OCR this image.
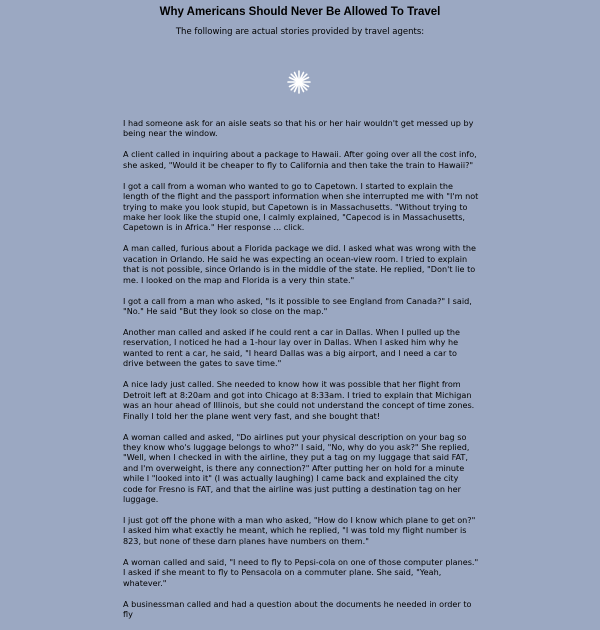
Why Americans Should Never Be Allowed To Travel

The following are actual stories provided by travel agents:

I had someone ask for an aisle seats so that his or her hair wouldn't get messed up by being near the window.

A client called in inquiring about a package to Hawaii. After going over all the cost info, she asked, "Would it be cheaper to fly to California and then take the train to Hawaii?"

I got a call from a woman who wanted to go to Capetown. I started to explain the length of the flight and the passport information when she interrupted me with "I'm not trying to make you look stupid, but Capetown is in Massachusetts. "Without trying to make her look like the stupid one, I calmly explained, "Capecod is in Massachusetts, Capetown is in Africa." Her response ... click.

A man called, furious about a Florida package we did. I asked what was wrong with the vacation in Orlando. He said he was expecting an ocean-view room. I tried to explain that is not possible, since Orlando is in the middle of the state. He replied, "Don't lie to me. I looked on the map and Florida is a very thin state."

I got a call from a man who asked, "Is it possible to see England from Canada?" I said, "No." He said "But they look so close on the map."

Another man called and asked if he could rent a car in Dallas. When I pulled up the reservation, I noticed he had a 1-hour lay over in Dallas. When I asked him why he wanted to rent a car, he said, "I heard Dallas was a big airport, and I need a car to drive between the gates to save time."

A nice lady just called. She needed to know how it was possible that her flight from Detroit left at 8:20am and got into Chicago at 8:33am. I tried to explain that Michigan was an hour ahead of Illinois, but she could not understand the concept of time zones. Finally I told her the plane went very fast, and she bought that!

A woman called and asked, "Do airlines put your physical description on your bag so they know who's luggage belongs to who?" I said, "No, why do you ask?" She replied, "Well, when I checked in with the airline, they put a tag on my luggage that said FAT, and I'm overweight, is there any connection?" After putting her on hold for a minute while I "looked into it" (I was actually laughing) I came back and explained the city code for Fresno is FAT, and that the airline was just putting a destination tag on her luggage.

I just got off the phone with a man who asked, "How do I know which plane to get on?" I asked him what exactly he meant, which he replied, "I was told my flight number is 823, but none of these darn planes have numbers on them."

A woman called and said, "I need to fly to Pepsi-cola on one of those computer planes." I asked if she meant to fly to Pensacola on a commuter plane. She said, "Yeah, whatever."

A businessman called and had a question about the documents he needed in order to fly
